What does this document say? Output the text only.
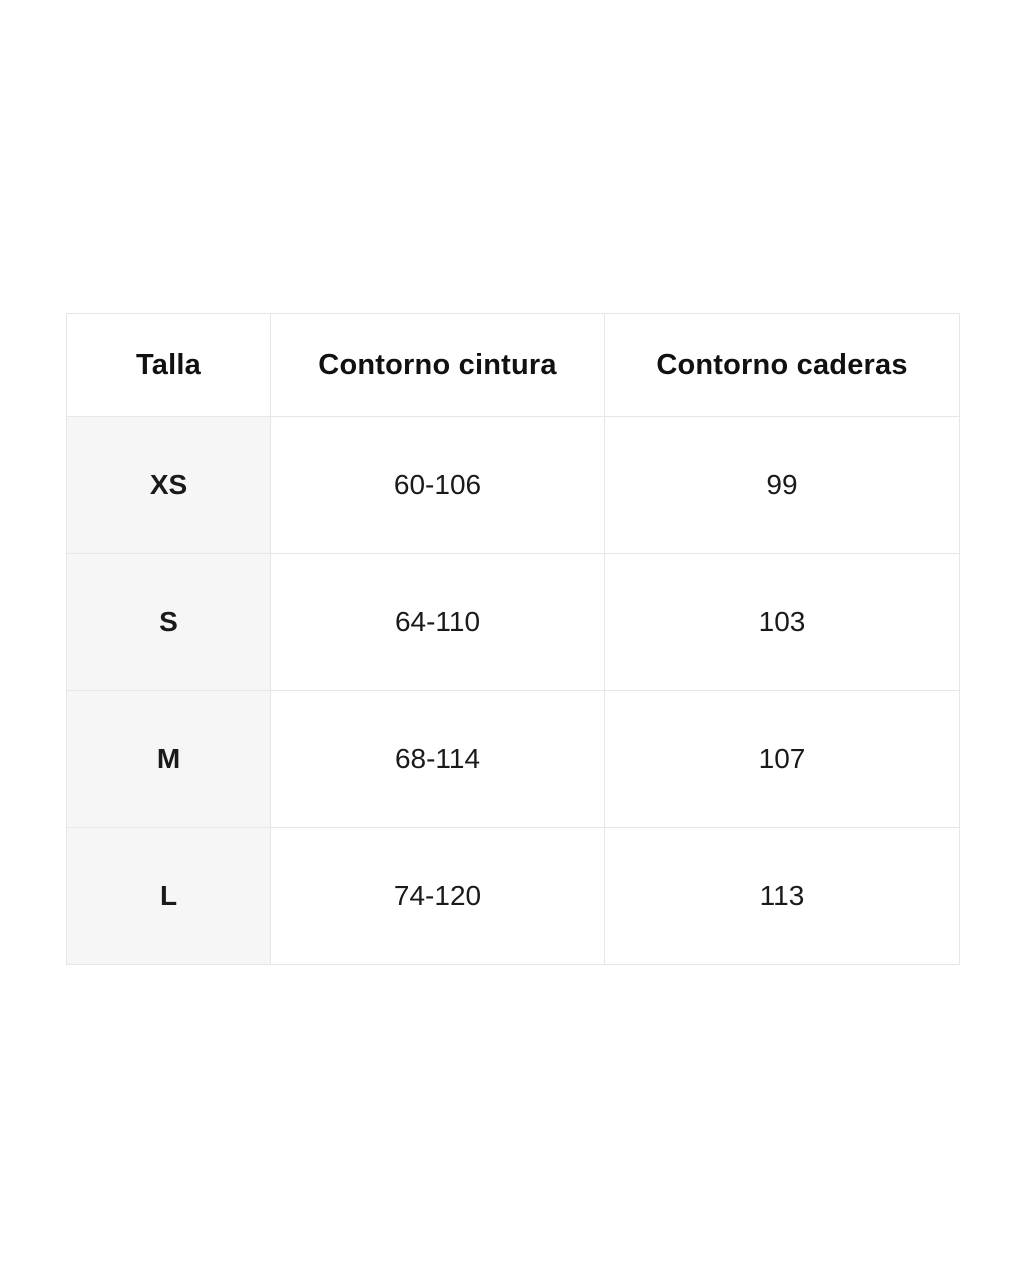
Talla	Contorno cintura	Contorno caderas
XS	60-106	99
S	64-110	103
M	68-114	107
L	74-120	113
